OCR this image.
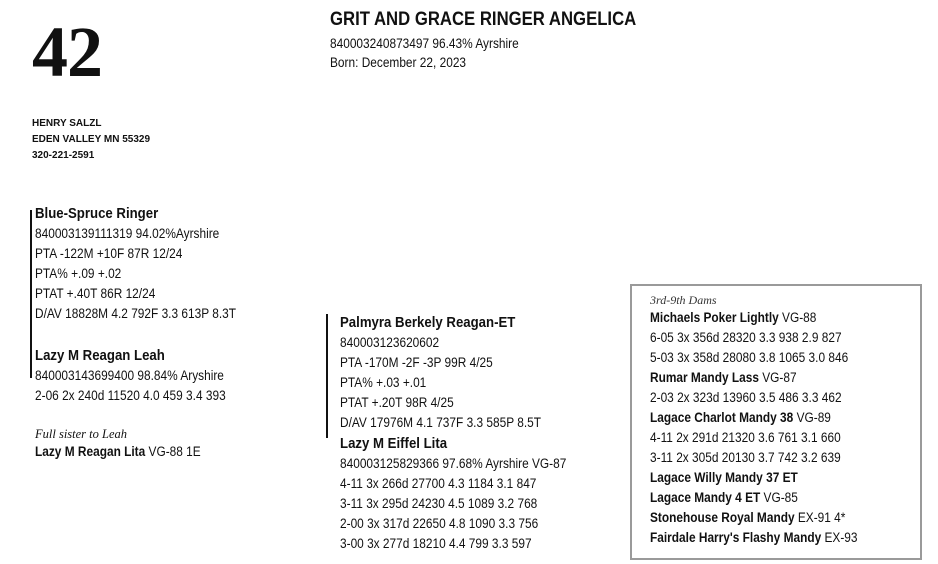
42
HENRY SALZL
EDEN VALLEY MN 55329
320-221-2591
GRIT AND GRACE RINGER ANGELICA
840003240873497 96.43% Ayrshire
Born: December 22, 2023
Blue-Spruce Ringer
840003139111319 94.02%Ayrshire
PTA -122M +10F 87R 12/24
PTA% +.09 +.02
PTAT +.40T 86R 12/24
D/AV 18828M 4.2 792F 3.3 613P 8.3T
Lazy M Reagan Leah
840003143699400 98.84% Aryshire
2-06 2x 240d 11520 4.0 459 3.4 393
Full sister to Leah
Lazy M Reagan Lita VG-88 1E
Palmyra Berkely Reagan-ET
840003123620602
PTA -170M -2F -3P 99R 4/25
PTA% +.03 +.01
PTAT +.20T 98R 4/25
D/AV 17976M 4.1 737F 3.3 585P 8.5T
Lazy M Eiffel Lita
840003125829366 97.68% Ayrshire VG-87
4-11 3x 266d 27700 4.3 1184 3.1 847
3-11 3x 295d 24230 4.5 1089 3.2 768
2-00 3x 317d 22650 4.8 1090 3.3 756
3-00 3x 277d 18210 4.4 799 3.3 597
3rd-9th Dams
Michaels Poker Lightly VG-88
6-05 3x 356d 28320 3.3 938 2.9 827
5-03 3x 358d 28080 3.8 1065 3.0 846
Rumar Mandy Lass VG-87
2-03 2x 323d 13960 3.5 486 3.3 462
Lagace Charlot Mandy 38 VG-89
4-11 2x 291d 21320 3.6 761 3.1 660
3-11 2x 305d 20130 3.7 742 3.2 639
Lagace Willy Mandy 37 ET
Lagace Mandy 4 ET VG-85
Stonehouse Royal Mandy EX-91 4*
Fairdale Harry's Flashy Mandy EX-93
